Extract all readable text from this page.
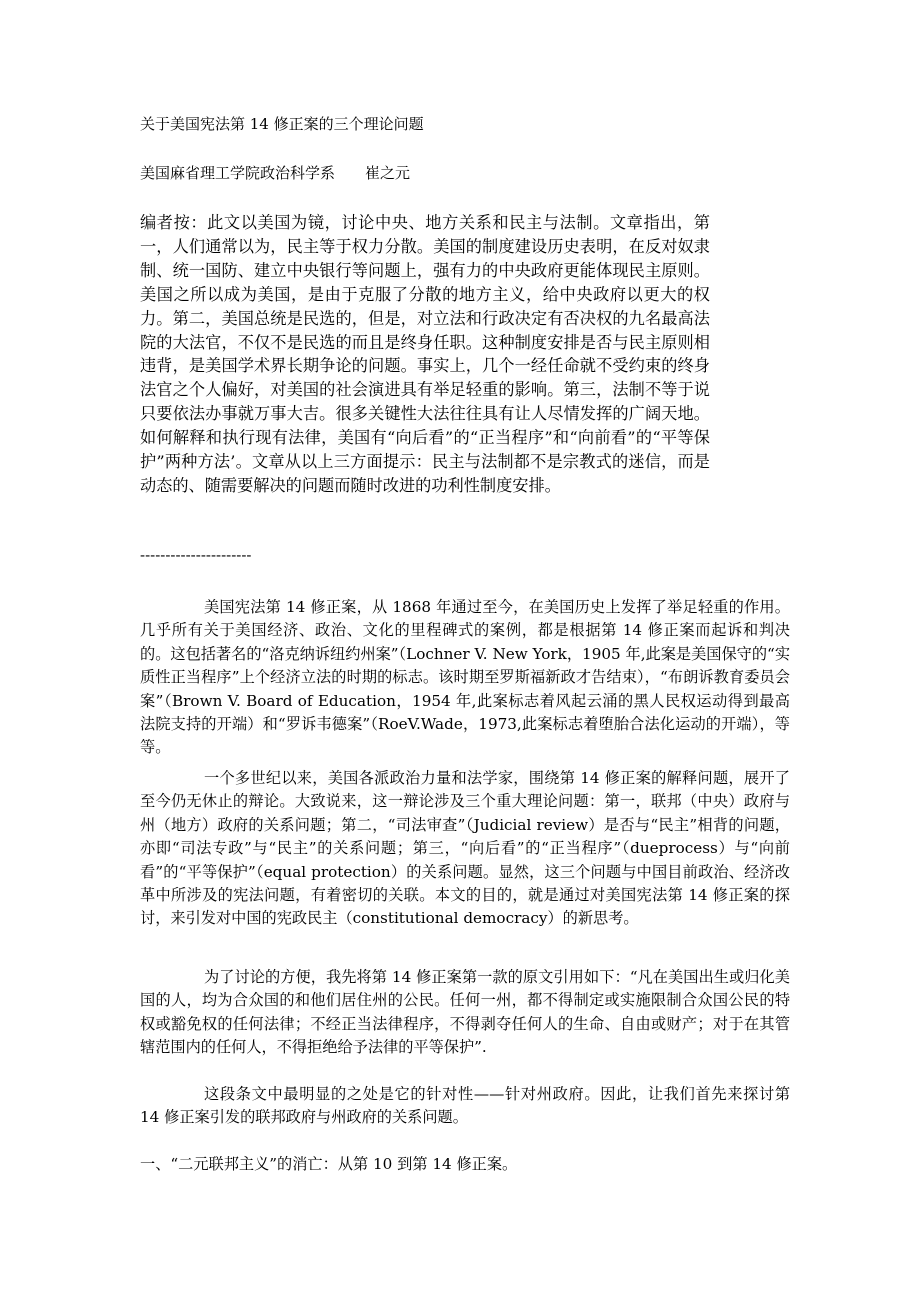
关于美国宪法第 14 修正案的三个理论问题

美国麻省理工学院政治科学系　　崔之元

编者按：此文以美国为镜，讨论中央、地方关系和民主与法制。文章指出，第一，人们通常以为，民主等于权力分散。美国的制度建设历史表明，在反对奴隶制、统一国防、建立中央银行等问题上，强有力的中央政府更能体现民主原则。美国之所以成为美国，是由于克服了分散的地方主义，给中央政府以更大的权力。第二，美国总统是民选的，但是，对立法和行政决定有否决权的九名最高法院的大法官，不仅不是民选的而且是终身任职。这种制度安排是否与民主原则相违背，是美国学术界长期争论的问题。事实上，几个一经任命就不受约束的终身法官之个人偏好，对美国的社会演进具有举足轻重的影响。第三，法制不等于说只要依法办事就万事大吉。很多关键性大法往往具有让人尽情发挥的广阔天地。如何解释和执行现有法律，美国有“向后看”的“正当程序”和“向前看”的“平等保护”两种方法’。文章从以上三方面提示：民主与法制都不是宗教式的迷信，而是动态的、随需要解决的问题而随时改进的功利性制度安排。

----------------------

美国宪法第 14 修正案，从 1868 年通过至今，在美国历史上发挥了举足轻重的作用。几乎所有关于美国经济、政治、文化的里程碑式的案例，都是根据第 14 修正案而起诉和判决的。这包括著名的“洛克纳诉纽约州案”（Lochner V. New York，1905 年,此案是美国保守的“实质性正当程序”上个经济立法的时期的标志。该时期至罗斯福新政才告结束），“布朗诉教育委员会案”（Brown V. Board of Education，1954 年,此案标志着风起云涌的黑人民权运动得到最高法院支持的开端）和“罗诉韦德案”（RoeV.Wade，1973,此案标志着堕胎合法化运动的开端），等等。

一个多世纪以来，美国各派政治力量和法学家，围绕第 14 修正案的解释问题，展开了至今仍无休止的辩论。大致说来，这一辩论涉及三个重大理论问题：第一，联邦（中央）政府与州（地方）政府的关系问题；第二，“司法审查”（Judicial review）是否与“民主”相背的问题，亦即“司法专政”与“民主”的关系问题；第三，“向后看”的“正当程序”（dueprocess）与“向前看”的“平等保护”（equal protection）的关系问题。显然，这三个问题与中国目前政治、经济改革中所涉及的宪法问题，有着密切的关联。本文的目的，就是通过对美国宪法第 14 修正案的探讨，来引发对中国的宪政民主（constitutional democracy）的新思考。

为了讨论的方便，我先将第 14 修正案第一款的原文引用如下：“凡在美国出生或归化美国的人，均为合众国的和他们居住州的公民。任何一州，都不得制定或实施限制合众国公民的特权或豁免权的任何法律；不经正当法律程序，不得剥夺任何人的生命、自由或财产；对于在其管辖范围内的任何人，不得拒绝给予法律的平等保护”.

这段条文中最明显的之处是它的针对性——针对州政府。因此，让我们首先来探讨第 14 修正案引发的联邦政府与州政府的关系问题。

一、“二元联邦主义”的消亡：从第 10 到第 14 修正案。
